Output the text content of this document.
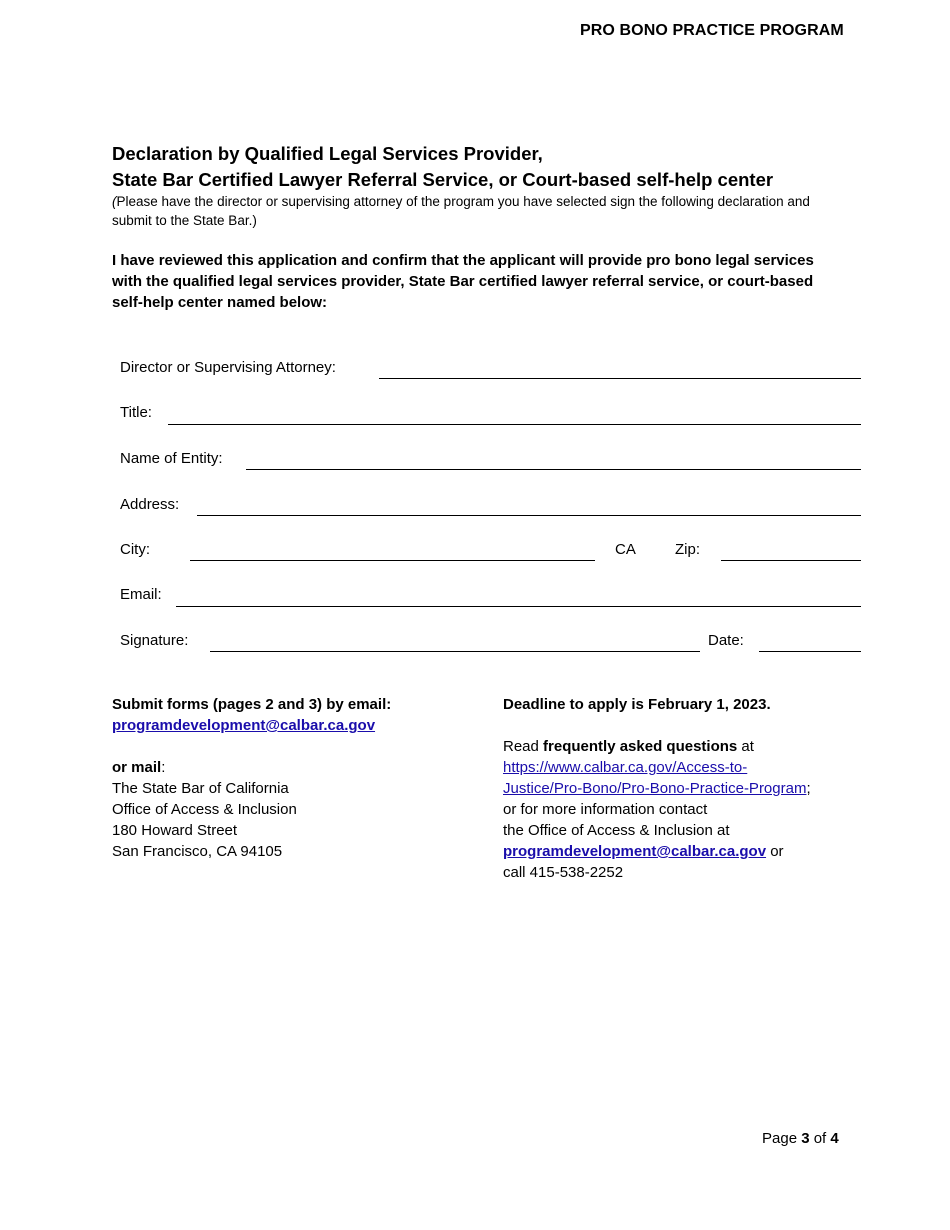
PRO BONO PRACTICE PROGRAM
Declaration by Qualified Legal Services Provider,
State Bar Certified Lawyer Referral Service, or Court-based self-help center
(Please have the director or supervising attorney of the program you have selected sign the following declaration and submit to the State Bar.)
I have reviewed this application and confirm that the applicant will provide pro bono legal services with the qualified legal services provider, State Bar certified lawyer referral service, or court-based self-help center named below:
Director or Supervising Attorney:
Title:
Name of Entity:
Address:
City:	CA	Zip:
Email:
Signature:	Date:
Submit forms (pages 2 and 3) by email:
programdevelopment@calbar.ca.gov

or mail:
The State Bar of California
Office of Access & Inclusion
180 Howard Street
San Francisco, CA 94105
Deadline to apply is February 1, 2023.

Read frequently asked questions at
https://www.calbar.ca.gov/Access-to-
Justice/Pro-Bono/Pro-Bono-Practice-Program;
or for more information contact
the Office of Access & Inclusion at
programdevelopment@calbar.ca.gov or
call 415-538-2252
Page 3 of 4
